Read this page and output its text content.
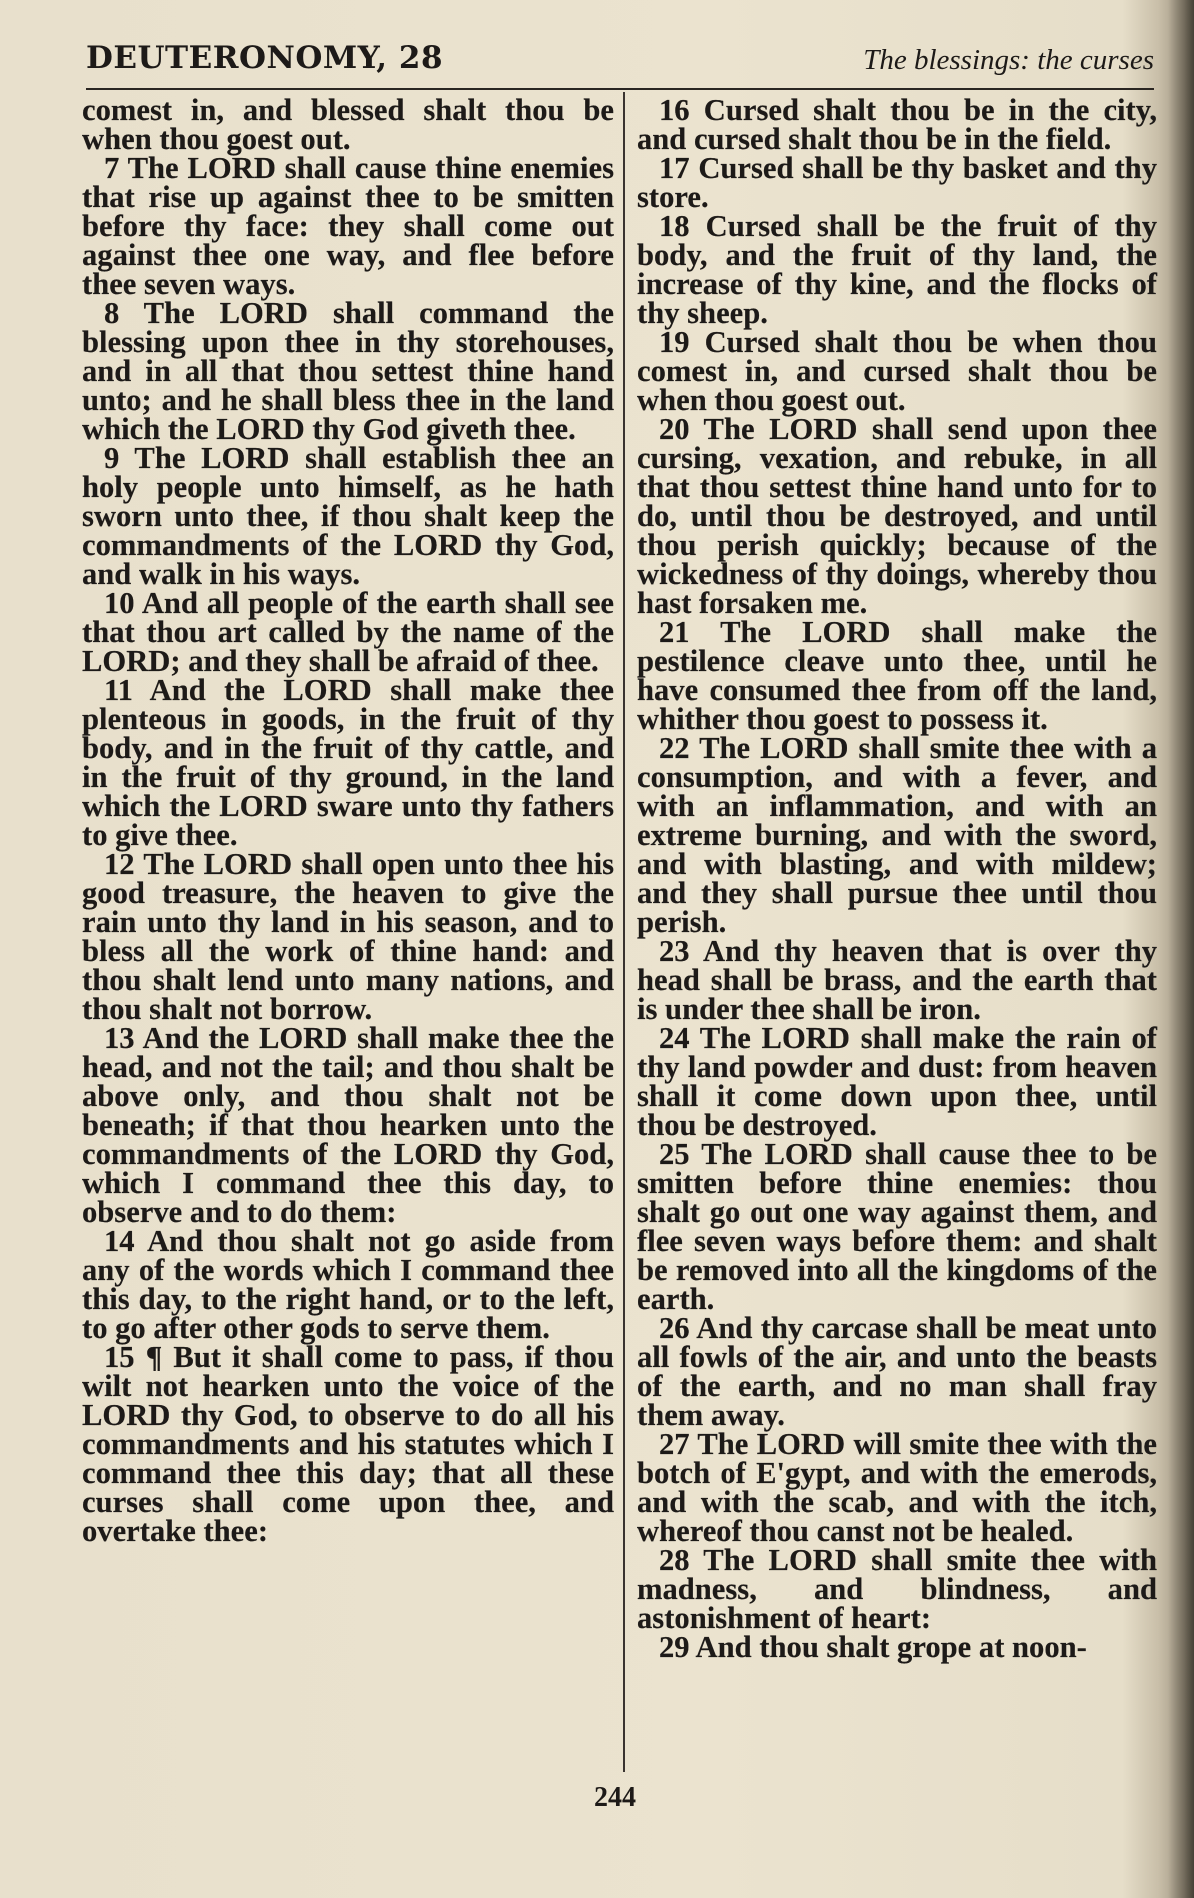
DEUTERONOMY, 28	The blessings: the curses

comest in, and blessed shalt thou be when thou goest out.

7 The LORD shall cause thine enemies that rise up against thee to be smitten before thy face: they shall come out against thee one way, and flee before thee seven ways.

8 The LORD shall command the blessing upon thee in thy storehouses, and in all that thou settest thine hand unto; and he shall bless thee in the land which the LORD thy God giveth thee.

9 The LORD shall establish thee an holy people unto himself, as he hath sworn unto thee, if thou shalt keep the commandments of the LORD thy God, and walk in his ways.

10 And all people of the earth shall see that thou art called by the name of the LORD; and they shall be afraid of thee.

11 And the LORD shall make thee plenteous in goods, in the fruit of thy body, and in the fruit of thy cattle, and in the fruit of thy ground, in the land which the LORD sware unto thy fathers to give thee.

12 The LORD shall open unto thee his good treasure, the heaven to give the rain unto thy land in his season, and to bless all the work of thine hand: and thou shalt lend unto many nations, and thou shalt not borrow.

13 And the LORD shall make thee the head, and not the tail; and thou shalt be above only, and thou shalt not be beneath; if that thou hearken unto the commandments of the LORD thy God, which I command thee this day, to observe and to do them:

14 And thou shalt not go aside from any of the words which I command thee this day, to the right hand, or to the left, to go after other gods to serve them.

15 ¶ But it shall come to pass, if thou wilt not hearken unto the voice of the LORD thy God, to observe to do all his commandments and his statutes which I command thee this day; that all these curses shall come upon thee, and overtake thee:

16 Cursed shalt thou be in the city, and cursed shalt thou be in the field.

17 Cursed shall be thy basket and thy store.

18 Cursed shall be the fruit of thy body, and the fruit of thy land, the increase of thy kine, and the flocks of thy sheep.

19 Cursed shalt thou be when thou comest in, and cursed shalt thou be when thou goest out.

20 The LORD shall send upon thee cursing, vexation, and rebuke, in all that thou settest thine hand unto for to do, until thou be destroyed, and until thou perish quickly; because of the wickedness of thy doings, whereby thou hast forsaken me.

21 The LORD shall make the pestilence cleave unto thee, until he have consumed thee from off the land, whither thou goest to possess it.

22 The LORD shall smite thee with a consumption, and with a fever, and with an inflammation, and with an extreme burning, and with the sword, and with blasting, and with mildew; and they shall pursue thee until thou perish.

23 And thy heaven that is over thy head shall be brass, and the earth that is under thee shall be iron.

24 The LORD shall make the rain of thy land powder and dust: from heaven shall it come down upon thee, until thou be destroyed.

25 The LORD shall cause thee to be smitten before thine enemies: thou shalt go out one way against them, and flee seven ways before them: and shalt be removed into all the kingdoms of the earth.

26 And thy carcase shall be meat unto all fowls of the air, and unto the beasts of the earth, and no man shall fray them away.

27 The LORD will smite thee with the botch of E'gypt, and with the emerods, and with the scab, and with the itch, whereof thou canst not be healed.

28 The LORD shall smite thee with madness, and blindness, and astonishment of heart:

29 And thou shalt grope at noon-

244
